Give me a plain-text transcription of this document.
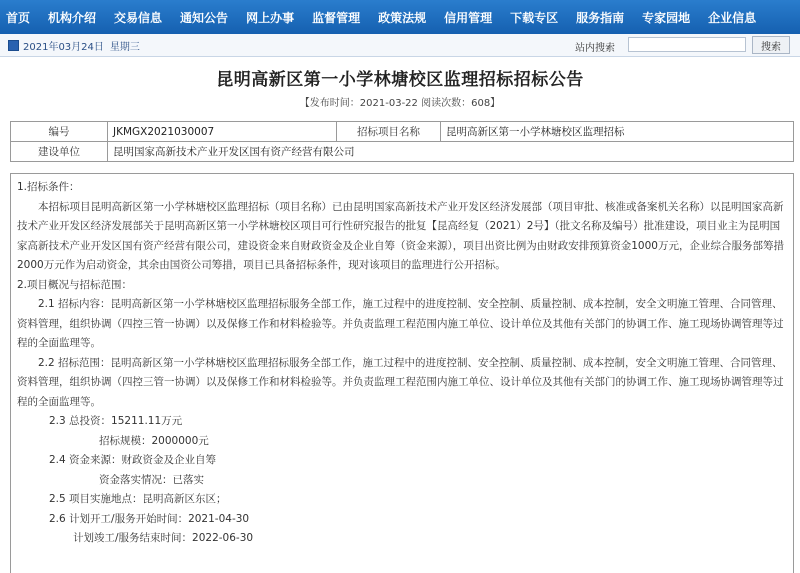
首页 机构介绍 交易信息 通知公告 网上办事 监督管理 政策法规 信用管理 下载专区 服务指南 专家园地 企业信息
2021年03月24日 星期三	站内搜索	搜索
昆明高新区第一小学林塘校区监理招标招标公告
【发布时间：2021-03-22 阅读次数：608】
编号	JKMGX2021030007	招标项目名称	昆明高新区第一小学林塘校区监理招标
建设单位	昆明国家高新技术产业开发区国有资产经营有限公司		

1.招标条件：

本招标项目昆明高新区第一小学林塘校区监理招标（项目名称）已由昆明国家高新技术产业开发区经济发展部（项目审批、核准或备案机关名称）以昆明国家高新技术产业开发区经济发展部关于昆明高新区第一小学林塘校区项目可行性研究报告的批复【昆高经复（2021）2号】（批文名称及编号）批准建设，项目业主为昆明国家高新技术产业开发区国有资产经营有限公司，建设资金来自财政资金及企业自筹（资金来源），项目出资比例为由财政安排预算资金1000万元，企业综合服务部筹措2000万元作为启动资金，其余由国资公司筹措，项目已具备招标条件，现对该项目的监理进行公开招标。

2.项目概况与招标范围：

2.1 招标内容：昆明高新区第一小学林塘校区监理招标服务全部工作，施工过程中的进度控制、安全控制、质量控制、成本控制，安全文明施工管理、合同管理、资料管理，组织协调（四控三管一协调）以及保修工作和材料检验等。并负责监理工程范围内施工单位、设计单位及其他有关部门的协调工作、施工现场协调管理等过程的全面监理等。

2.2 招标范围：昆明高新区第一小学林塘校区监理招标服务全部工作，施工过程中的进度控制、安全控制、质量控制、成本控制，安全文明施工管理、合同管理、资料管理，组织协调（四控三管一协调）以及保修工作和材料检验等。并负责监理工程范围内施工单位、设计单位及其他有关部门的协调工作、施工现场协调管理等过程的全面监理等。

2.3 总投资：15211.11万元

招标规模：2000000元

2.4 资金来源：财政资金及企业自筹

资金落实情况：已落实

2.5 项目实施地点：昆明高新区东区；

2.6 计划开工/服务开始时间：2021-04-30

计划竣工/服务结束时间：2022-06-30
